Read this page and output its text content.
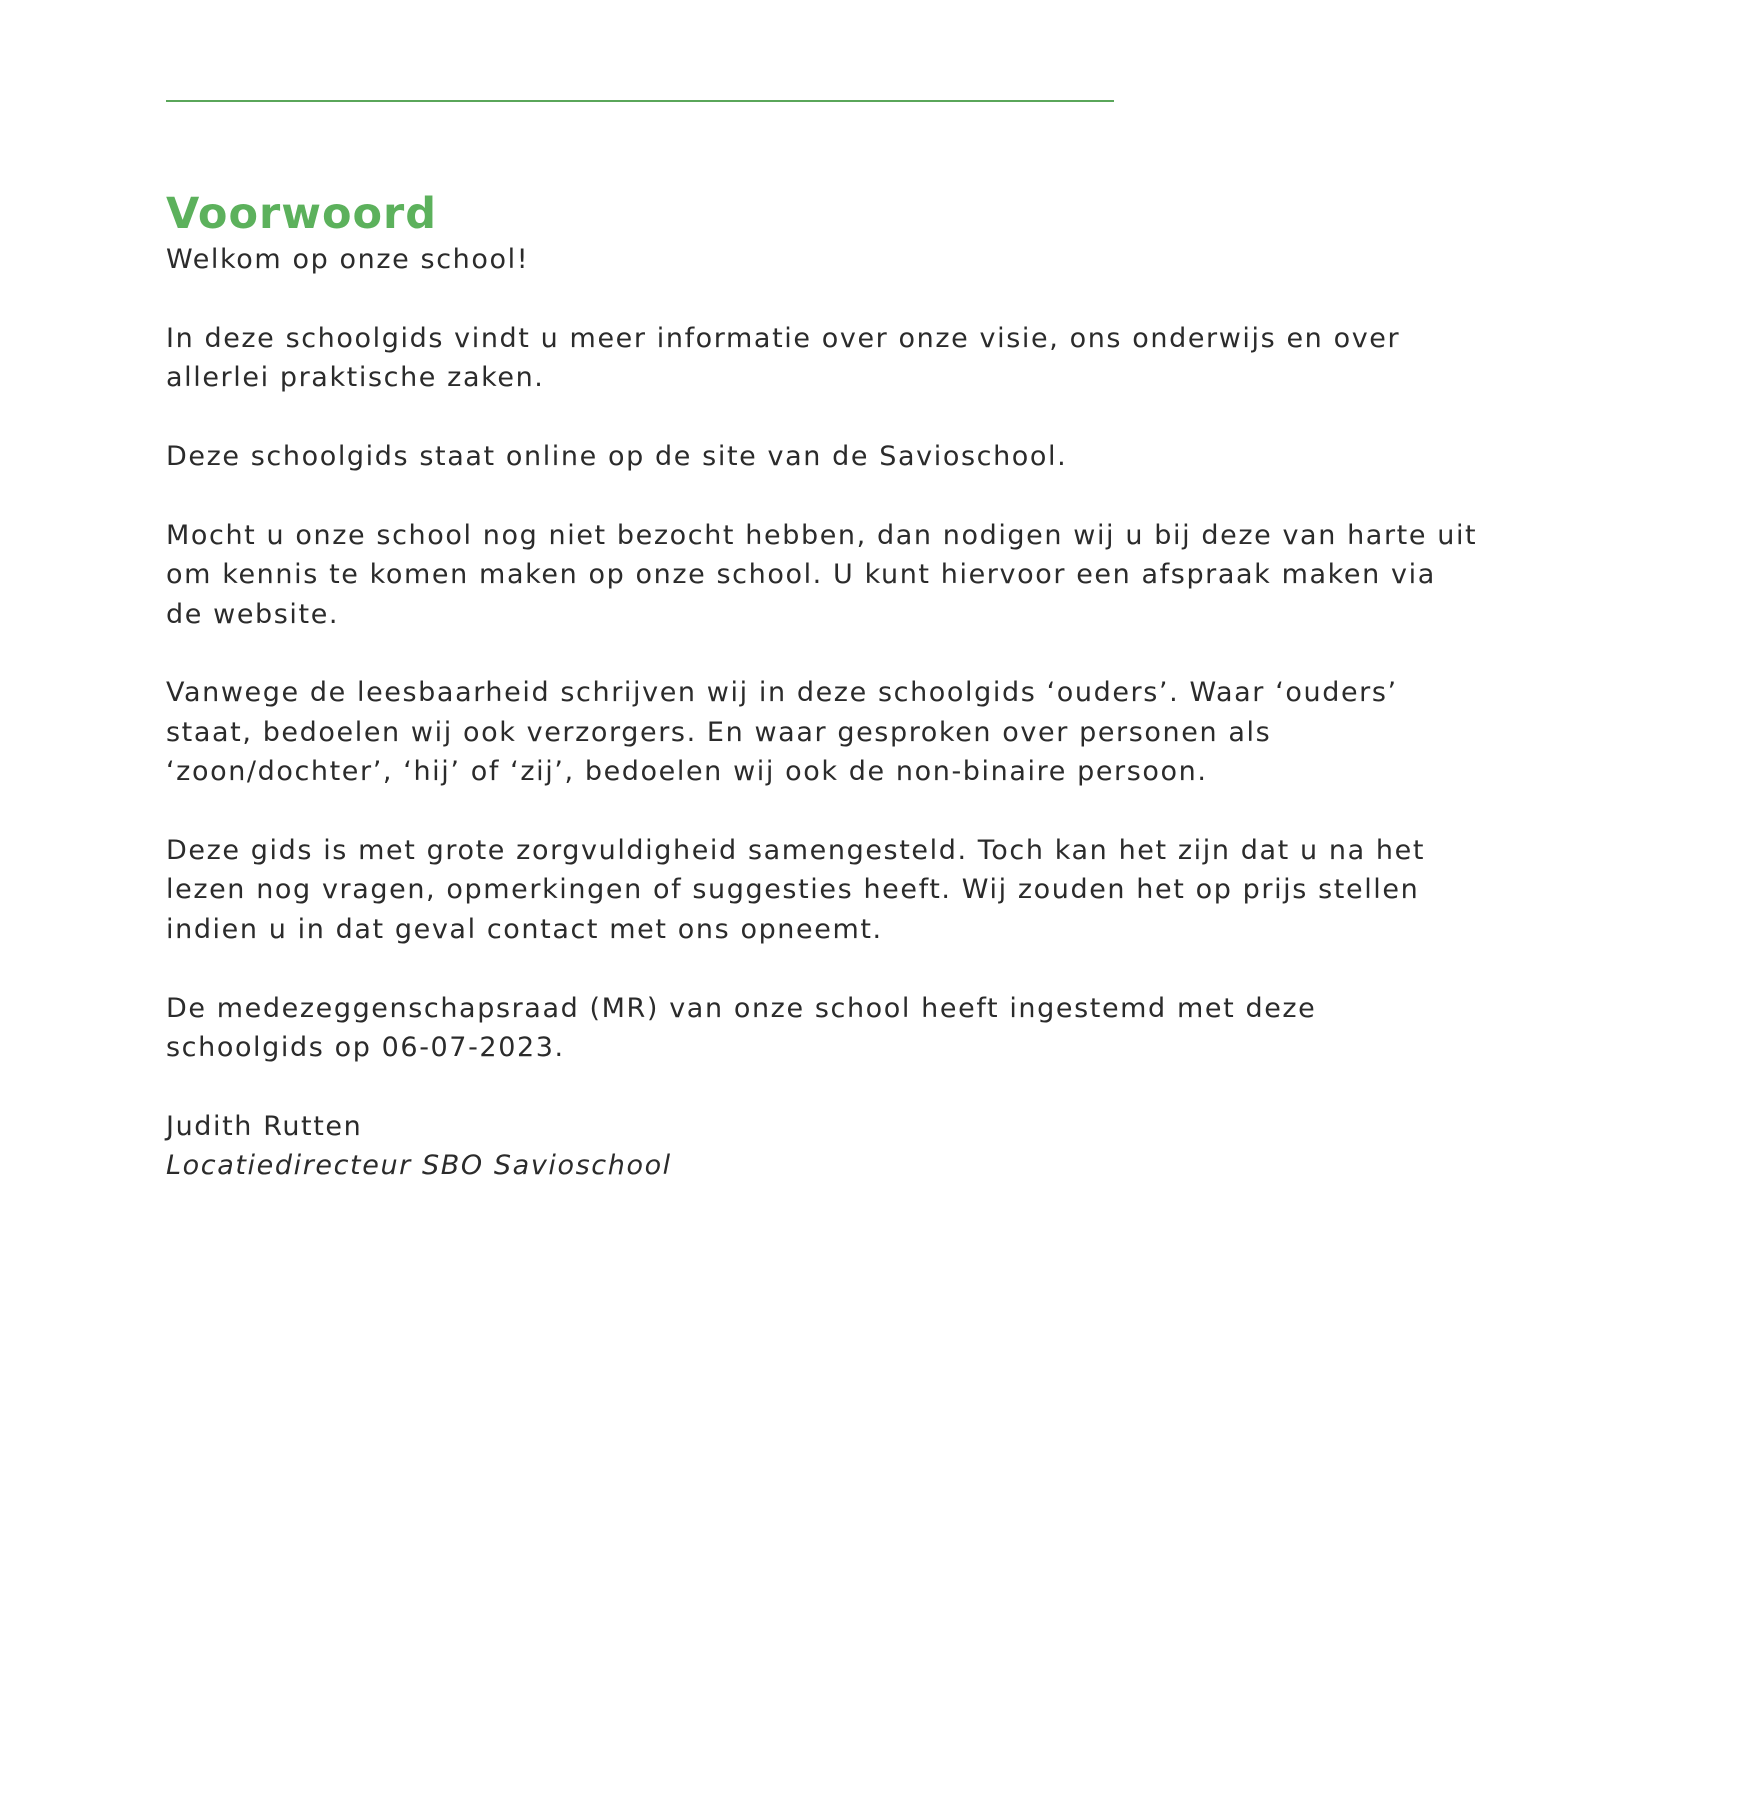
Voorwoord

Welkom op onze school!

In deze schoolgids vindt u meer informatie over onze visie, ons onderwijs en over
allerlei praktische zaken.

Deze schoolgids staat online op de site van de Savioschool.

Mocht u onze school nog niet bezocht hebben, dan nodigen wij u bij deze van harte uit
om kennis te komen maken op onze school. U kunt hiervoor een afspraak maken via
de website.

Vanwege de leesbaarheid schrijven wij in deze schoolgids ‘ouders’. Waar ‘ouders’
staat, bedoelen wij ook verzorgers. En waar gesproken over personen als
‘zoon/dochter’, ‘hij’ of ‘zij’, bedoelen wij ook de non-binaire persoon.

Deze gids is met grote zorgvuldigheid samengesteld. Toch kan het zijn dat u na het
lezen nog vragen, opmerkingen of suggesties heeft. Wij zouden het op prijs stellen
indien u in dat geval contact met ons opneemt.

De medezeggenschapsraad (MR) van onze school heeft ingestemd met deze
schoolgids op 06-07-2023.

Judith Rutten

Locatiedirecteur SBO Savioschool
